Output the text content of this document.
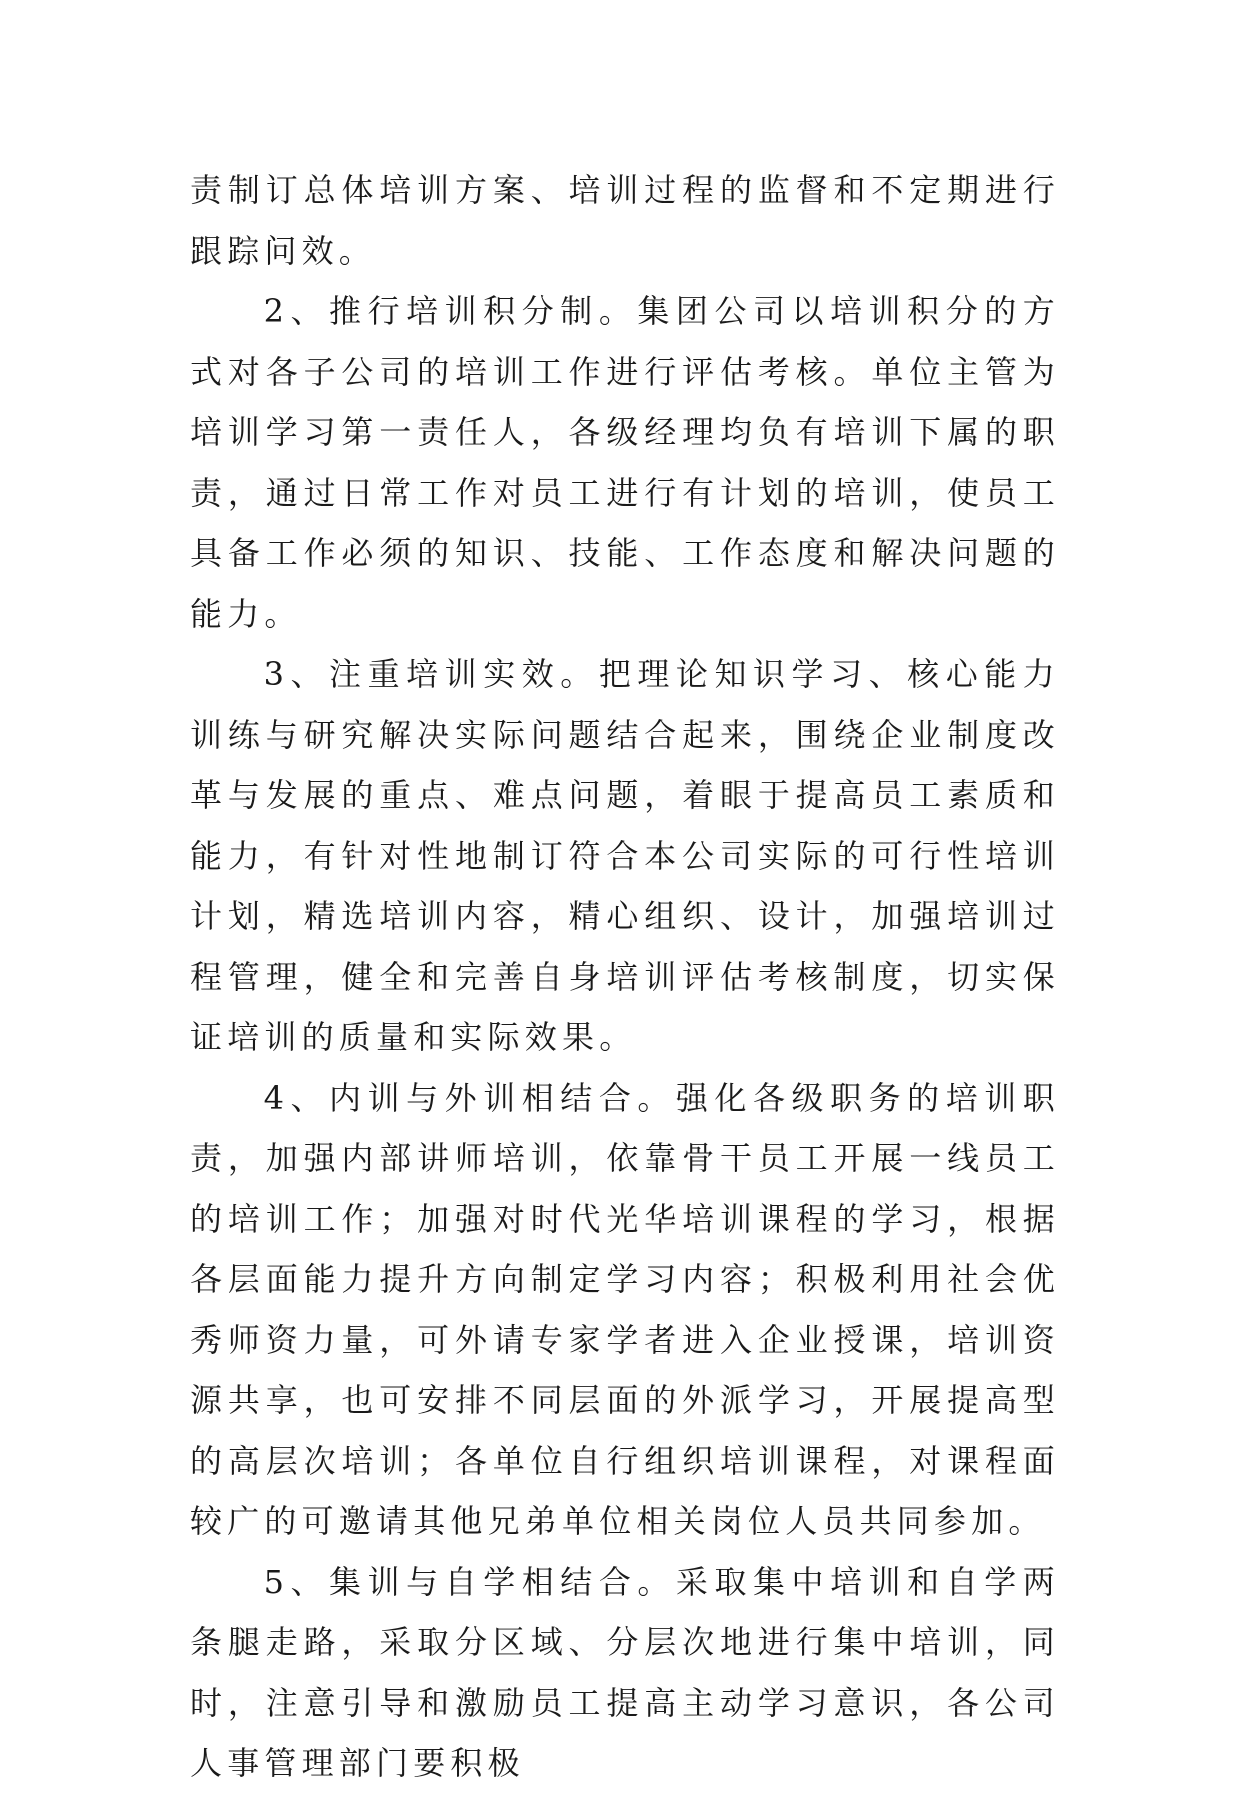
责制订总体培训方案、培训过程的监督和不定期进行跟踪问效。

2、推行培训积分制。集团公司以培训积分的方式对各子公司的培训工作进行评估考核。单位主管为培训学习第一责任人，各级经理均负有培训下属的职责，通过日常工作对员工进行有计划的培训，使员工具备工作必须的知识、技能、工作态度和解决问题的能力。

3、注重培训实效。把理论知识学习、核心能力训练与研究解决实际问题结合起来，围绕企业制度改革与发展的重点、难点问题，着眼于提高员工素质和能力，有针对性地制订符合本公司实际的可行性培训计划，精选培训内容，精心组织、设计，加强培训过程管理，健全和完善自身培训评估考核制度，切实保证培训的质量和实际效果。

4、内训与外训相结合。强化各级职务的培训职责，加强内部讲师培训，依靠骨干员工开展一线员工的培训工作；加强对时代光华培训课程的学习，根据各层面能力提升方向制定学习内容；积极利用社会优秀师资力量，可外请专家学者进入企业授课，培训资源共享，也可安排不同层面的外派学习，开展提高型的高层次培训；各单位自行组织培训课程，对课程面较广的可邀请其他兄弟单位相关岗位人员共同参加。

5、集训与自学相结合。采取集中培训和自学两条腿走路，采取分区域、分层次地进行集中培训，同时，注意引导和激励员工提高主动学习意识，各公司人事管理部门要积极
